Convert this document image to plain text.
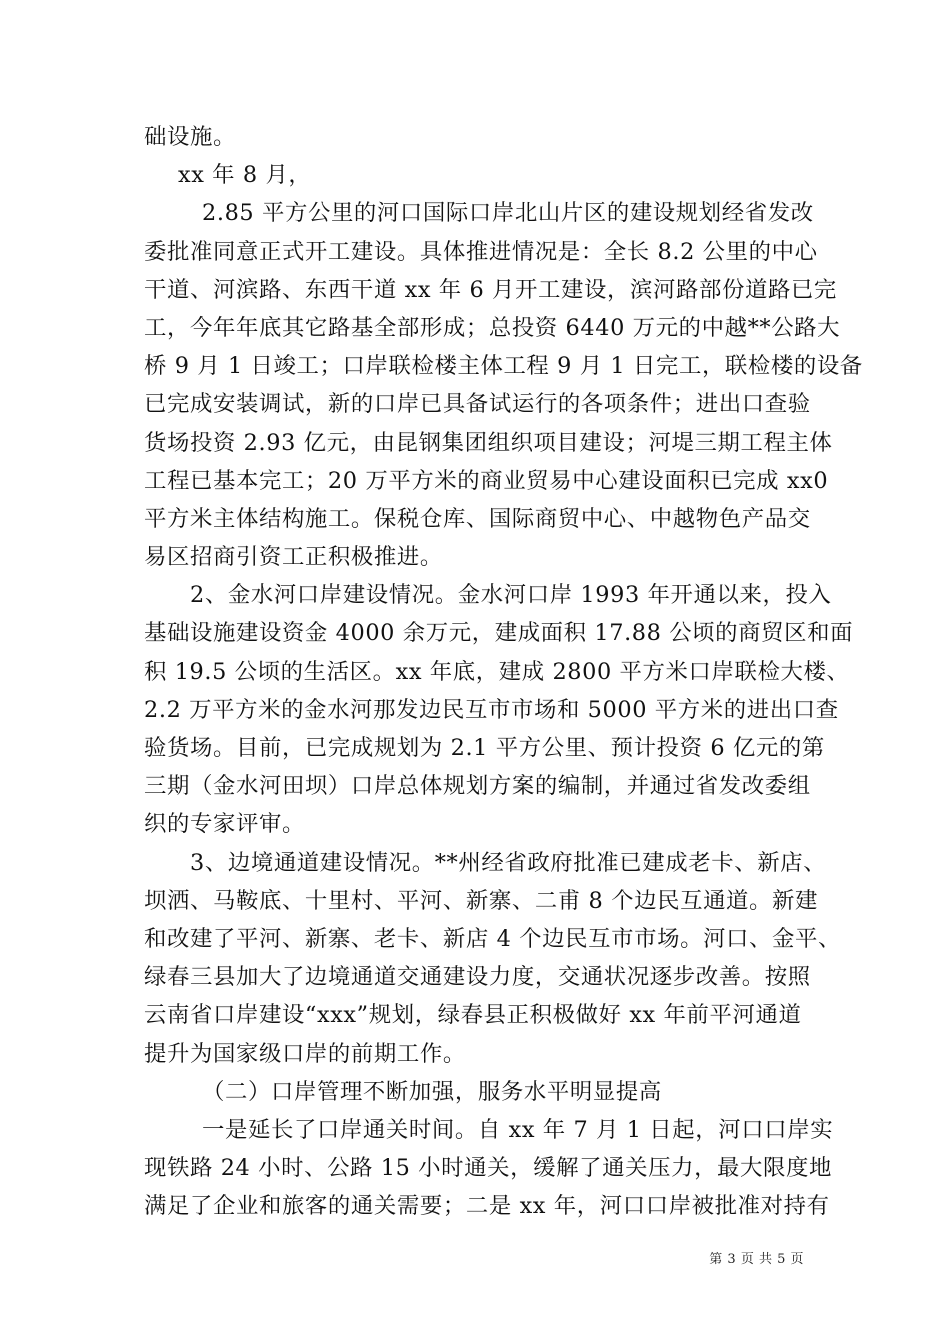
础设施。
xx 年 8 月，
2.85 平方公里的河口国际口岸北山片区的建设规划经省发改
委批准同意正式开工建设。具体推进情况是：全长 8.2 公里的中心
干道、河滨路、东西干道 xx 年 6 月开工建设，滨河路部份道路已完
工，今年年底其它路基全部形成；总投资 6440 万元的中越**公路大
桥 9 月 1 日竣工；口岸联检楼主体工程 9 月 1 日完工，联检楼的设备
已完成安装调试，新的口岸已具备试运行的各项条件；进出口查验
货场投资 2.93 亿元，由昆钢集团组织项目建设；河堤三期工程主体
工程已基本完工；20 万平方米的商业贸易中心建设面积已完成 xx0
平方米主体结构施工。保税仓库、国际商贸中心、中越物色产品交
易区招商引资工正积极推进。
2、金水河口岸建设情况。金水河口岸 1993 年开通以来，投入
基础设施建设资金 4000 余万元，建成面积 17.88 公顷的商贸区和面
积 19.5 公顷的生活区。xx 年底，建成 2800 平方米口岸联检大楼、
2.2 万平方米的金水河那发边民互市市场和 5000 平方米的进出口查
验货场。目前，已完成规划为 2.1 平方公里、预计投资 6 亿元的第
三期（金水河田坝）口岸总体规划方案的编制，并通过省发改委组
织的专家评审。
3、边境通道建设情况。**州经省政府批准已建成老卡、新店、
坝洒、马鞍底、十里村、平河、新寨、二甫 8 个边民互通道。新建
和改建了平河、新寨、老卡、新店 4 个边民互市市场。河口、金平、
绿春三县加大了边境通道交通建设力度，交通状况逐步改善。按照
云南省口岸建设“xxx”规划，绿春县正积极做好 xx 年前平河通道
提升为国家级口岸的前期工作。
（二）口岸管理不断加强，服务水平明显提高
一是延长了口岸通关时间。自 xx 年 7 月 1 日起，河口口岸实
现铁路 24 小时、公路 15 小时通关，缓解了通关压力，最大限度地
满足了企业和旅客的通关需要；二是 xx 年，河口口岸被批准对持有
第 3 页 共 5 页
